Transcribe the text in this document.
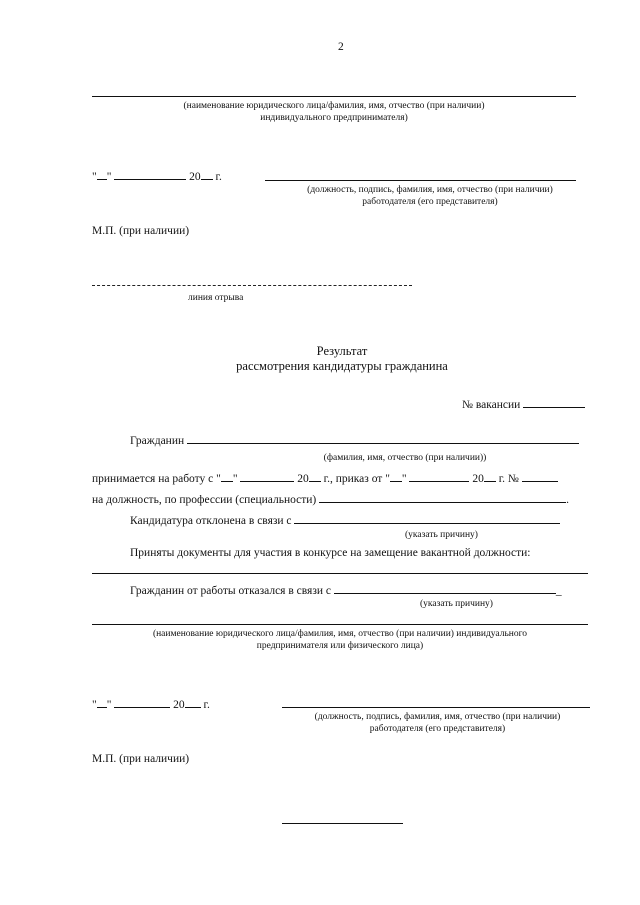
2
(наименование юридического лица/фамилия, имя, отчество (при наличии)
индивидуального предпринимателя)
" "	20 г.
(должность, подпись, фамилия, имя, отчество (при наличии)
работодателя (его представителя)
М.П. (при наличии)
линия отрыва
Результат
рассмотрения кандидатуры гражданина
№ вакансии
Гражданин
(фамилия, имя, отчество (при наличии))
принимается на работу с " "	20 г., приказ от " "	20 г. №
на должность, по профессии (специальности)	.
Кандидатура отклонена в связи с
(указать причину)
Приняты документы для участия в конкурсе на замещение вакантной должности:
Гражданин от работы отказался в связи с	_
(указать причину)
(наименование юридического лица/фамилия, имя, отчество (при наличии) индивидуального
предпринимателя или физического лица)
" "	20 г.
(должность, подпись, фамилия, имя, отчество (при наличии)
работодателя (его представителя)
М.П. (при наличии)
